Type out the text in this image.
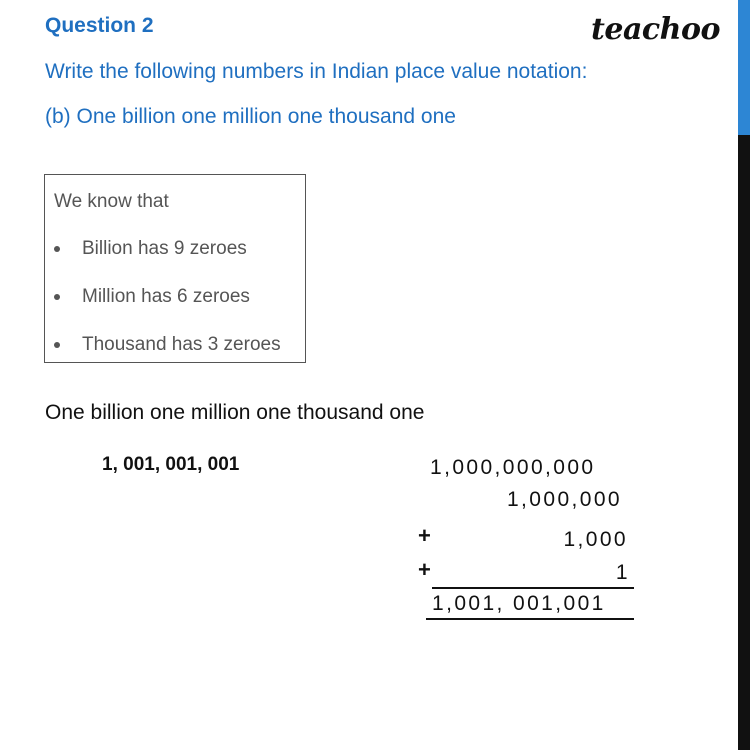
Question 2	teachoo
Write the following numbers in Indian place value notation:
(b) One billion one million one thousand one
We know that
Billion has 9 zeroes
Million has 6 zeroes
Thousand has 3 zeroes
One billion one million one thousand one
1, 001, 001, 001	1,000,000,000
1,000,000
+	1,000
+	1
1,001, 001,001
